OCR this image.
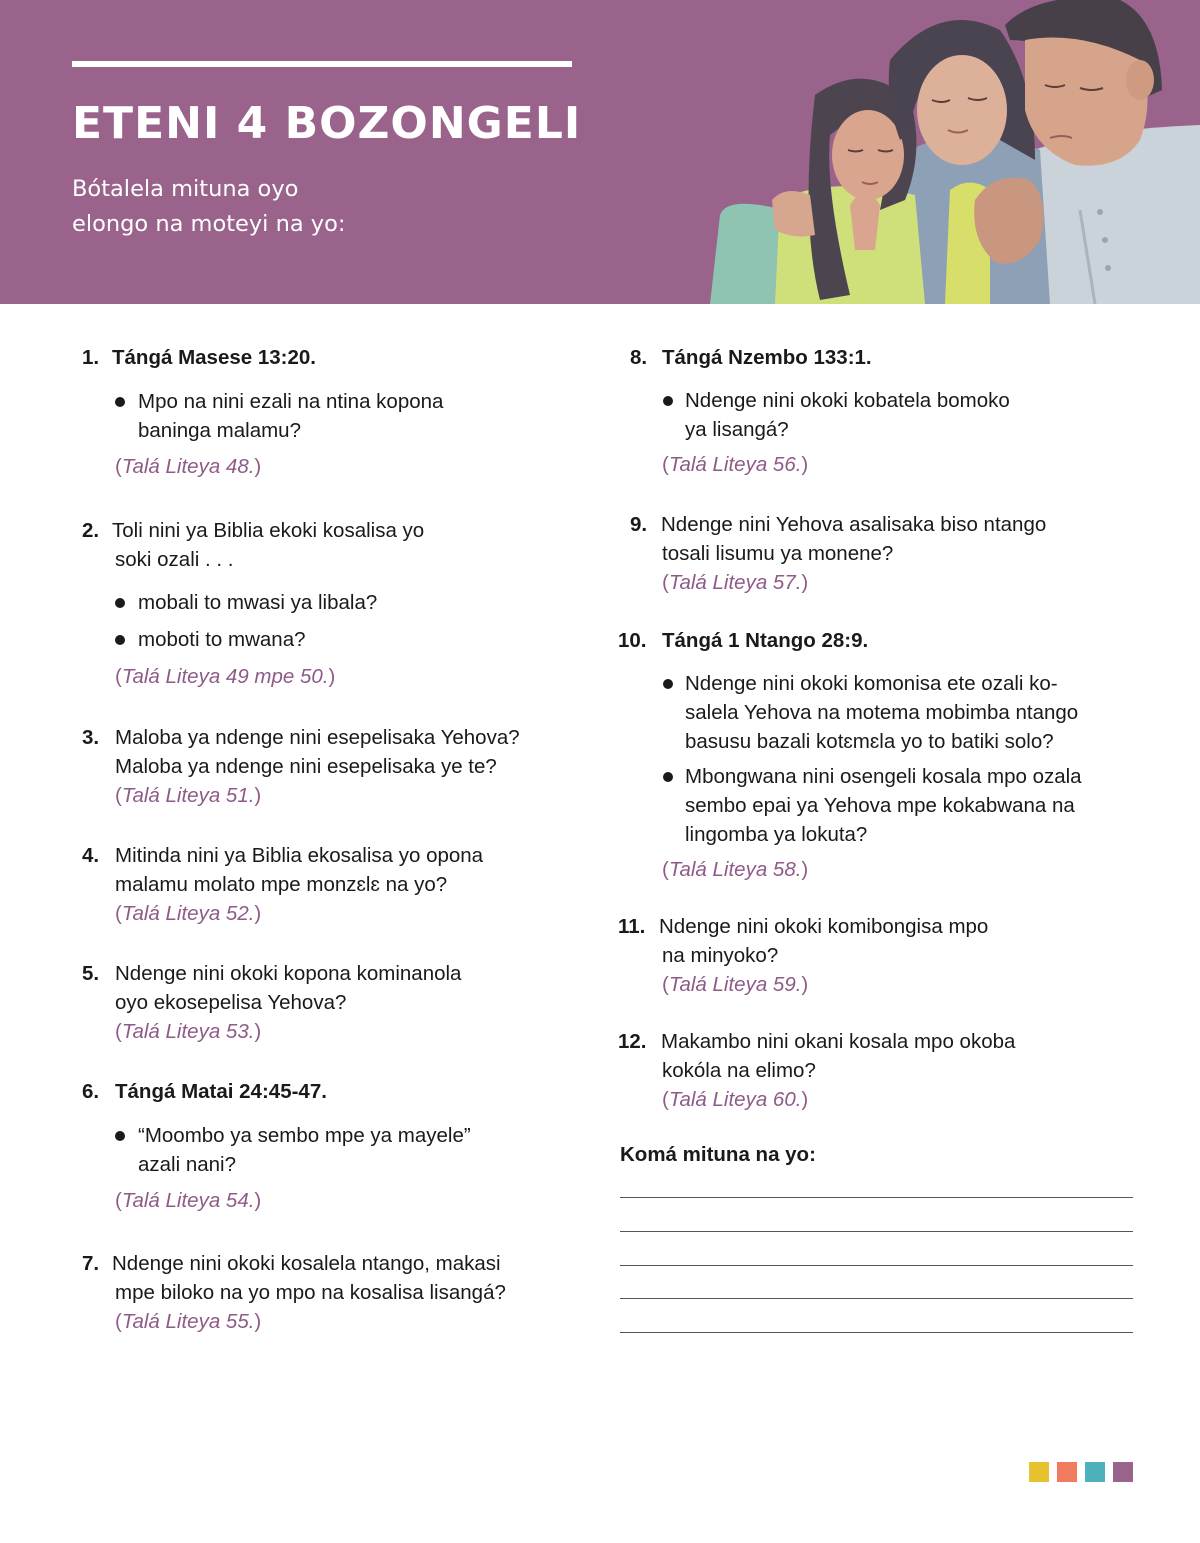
ETENI 4 BOZONGELI

Bótalela mituna oyo
elongo na moteyi na yo:

1. Tángá Masese 13:20.
Mpo na nini ezali na ntina kopona
baninga malamu?
(Talá Liteya 48.)
2. Toli nini ya Biblia ekoki kosalisa yo
soki ozali . . .
mobali to mwasi ya libala?
moboti to mwana?
(Talá Liteya 49 mpe 50.)
3. Maloba ya ndenge nini esepelisaka Yehova?
Maloba ya ndenge nini esepelisaka ye te?
(Talá Liteya 51.)
4. Mitinda nini ya Biblia ekosalisa yo opona
malamu molato mpe monzɛlɛ na yo?
(Talá Liteya 52.)
5. Ndenge nini okoki kopona kominanola
oyo ekosepelisa Yehova?
(Talá Liteya 53.)
6. Tángá Matai 24:45-47.
“Moombo ya sembo mpe ya mayele”
azali nani?
(Talá Liteya 54.)
7. Ndenge nini okoki kosalela ntango, makasi
mpe biloko na yo mpo na kosalisa lisangá?
(Talá Liteya 55.)
8. Tángá Nzembo 133:1.
Ndenge nini okoki kobatela bomoko
ya lisangá?
(Talá Liteya 56.)
9. Ndenge nini Yehova asalisaka biso ntango
tosali lisumu ya monene?
(Talá Liteya 57.)
10. Tángá 1 Ntango 28:9.
Ndenge nini okoki komonisa ete ozali ko-
salela Yehova na motema mobimba ntango
basusu bazali kotɛmɛla yo to batiki solo?
Mbongwana nini osengeli kosala mpo ozala
sembo epai ya Yehova mpe kokabwana na
lingomba ya lokuta?
(Talá Liteya 58.)
11. Ndenge nini okoki komibongisa mpo
na minyoko?
(Talá Liteya 59.)
12. Makambo nini okani kosala mpo okoba
kokóla na elimo?
(Talá Liteya 60.)
Komá mituna na yo:
